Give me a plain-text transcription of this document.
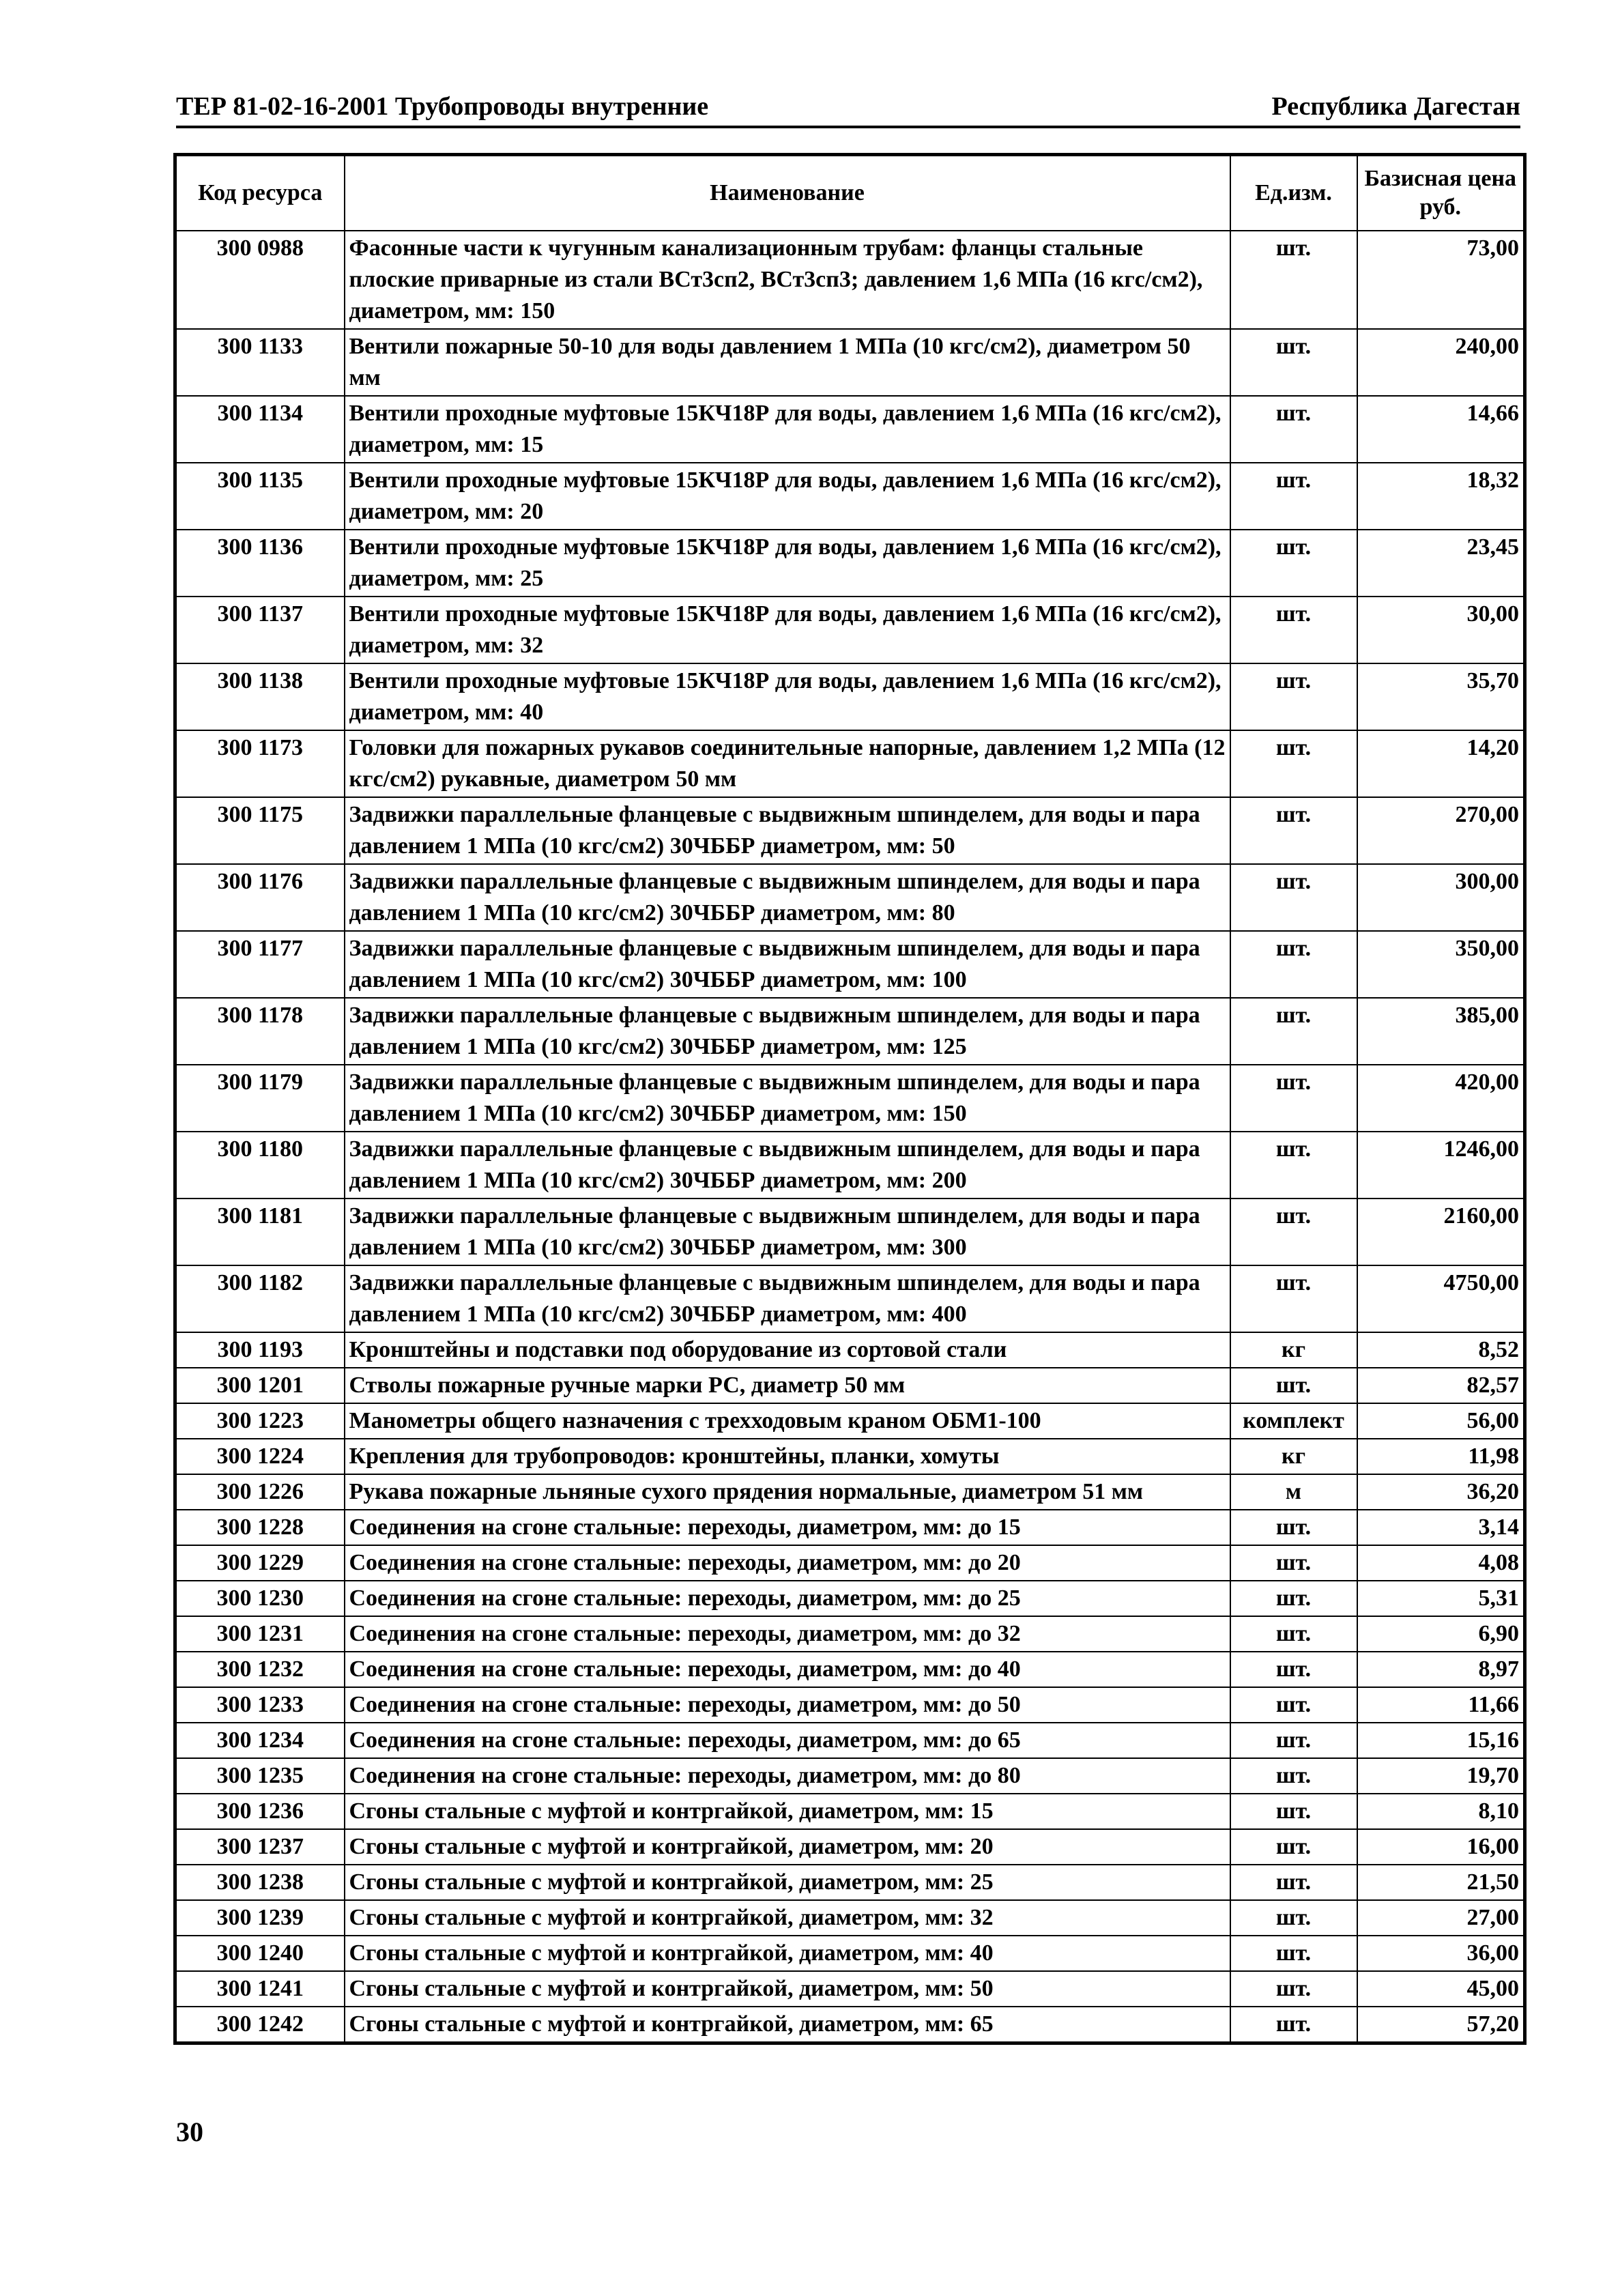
ТЕР 81-02-16-2001 Трубопроводы внутренние	Республика Дагестан
Код ресурса	Наименование	Ед.изм.	Базисная цена руб.
300 0988	Фасонные части к чугунным канализационным трубам: фланцы стальные плоские приварные из стали ВСт3сп2, ВСт3сп3; давлением 1,6 МПа (16 кгс/см2), диаметром, мм: 150	шт.	73,00
300 1133	Вентили пожарные 50-10 для воды давлением 1 МПа (10 кгс/см2), диаметром 50 мм	шт.	240,00
300 1134	Вентили проходные муфтовые 15КЧ18Р для воды, давлением 1,6 МПа (16 кгс/см2), диаметром, мм: 15	шт.	14,66
300 1135	Вентили проходные муфтовые 15КЧ18Р для воды, давлением 1,6 МПа (16 кгс/см2), диаметром, мм: 20	шт.	18,32
300 1136	Вентили проходные муфтовые 15КЧ18Р для воды, давлением 1,6 МПа (16 кгс/см2), диаметром, мм: 25	шт.	23,45
300 1137	Вентили проходные муфтовые 15КЧ18Р для воды, давлением 1,6 МПа (16 кгс/см2), диаметром, мм: 32	шт.	30,00
300 1138	Вентили проходные муфтовые 15КЧ18Р для воды, давлением 1,6 МПа (16 кгс/см2), диаметром, мм: 40	шт.	35,70
300 1173	Головки для пожарных рукавов соединительные напорные, давлением 1,2 МПа (12 кгс/см2) рукавные, диаметром 50 мм	шт.	14,20
300 1175	Задвижки параллельные фланцевые с выдвижным шпинделем, для воды и пара давлением 1 МПа (10 кгс/см2) 30ЧББР диаметром, мм: 50	шт.	270,00
300 1176	Задвижки параллельные фланцевые с выдвижным шпинделем, для воды и пара давлением 1 МПа (10 кгс/см2) 30ЧББР диаметром, мм: 80	шт.	300,00
300 1177	Задвижки параллельные фланцевые с выдвижным шпинделем, для воды и пара давлением 1 МПа (10 кгс/см2) 30ЧББР диаметром, мм: 100	шт.	350,00
300 1178	Задвижки параллельные фланцевые с выдвижным шпинделем, для воды и пара давлением 1 МПа (10 кгс/см2) 30ЧББР диаметром, мм: 125	шт.	385,00
300 1179	Задвижки параллельные фланцевые с выдвижным шпинделем, для воды и пара давлением 1 МПа (10 кгс/см2) 30ЧББР диаметром, мм: 150	шт.	420,00
300 1180	Задвижки параллельные фланцевые с выдвижным шпинделем, для воды и пара давлением 1 МПа (10 кгс/см2) 30ЧББР диаметром, мм: 200	шт.	1246,00
300 1181	Задвижки параллельные фланцевые с выдвижным шпинделем, для воды и пара давлением 1 МПа (10 кгс/см2) 30ЧББР диаметром, мм: 300	шт.	2160,00
300 1182	Задвижки параллельные фланцевые с выдвижным шпинделем, для воды и пара давлением 1 МПа (10 кгс/см2) 30ЧББР диаметром, мм: 400	шт.	4750,00
300 1193	Кронштейны и подставки под оборудование из сортовой стали	кг	8,52
300 1201	Стволы пожарные ручные марки РС, диаметр 50 мм	шт.	82,57
300 1223	Манометры общего назначения с трехходовым краном ОБМ1-100	комплект	56,00
300 1224	Крепления для трубопроводов: кронштейны, планки, хомуты	кг	11,98
300 1226	Рукава пожарные льняные сухого прядения нормальные, диаметром 51 мм	м	36,20
300 1228	Соединения на сгоне стальные: переходы, диаметром, мм: до 15	шт.	3,14
300 1229	Соединения на сгоне стальные: переходы, диаметром, мм: до 20	шт.	4,08
300 1230	Соединения на сгоне стальные: переходы, диаметром, мм: до 25	шт.	5,31
300 1231	Соединения на сгоне стальные: переходы, диаметром, мм: до 32	шт.	6,90
300 1232	Соединения на сгоне стальные: переходы, диаметром, мм: до 40	шт.	8,97
300 1233	Соединения на сгоне стальные: переходы, диаметром, мм: до 50	шт.	11,66
300 1234	Соединения на сгоне стальные: переходы, диаметром, мм: до 65	шт.	15,16
300 1235	Соединения на сгоне стальные: переходы, диаметром, мм: до 80	шт.	19,70
300 1236	Сгоны стальные с муфтой и контргайкой, диаметром, мм: 15	шт.	8,10
300 1237	Сгоны стальные с муфтой и контргайкой, диаметром, мм: 20	шт.	16,00
300 1238	Сгоны стальные с муфтой и контргайкой, диаметром, мм: 25	шт.	21,50
300 1239	Сгоны стальные с муфтой и контргайкой, диаметром, мм: 32	шт.	27,00
300 1240	Сгоны стальные с муфтой и контргайкой, диаметром, мм: 40	шт.	36,00
300 1241	Сгоны стальные с муфтой и контргайкой, диаметром, мм: 50	шт.	45,00
300 1242	Сгоны стальные с муфтой и контргайкой, диаметром, мм: 65	шт.	57,20
30
